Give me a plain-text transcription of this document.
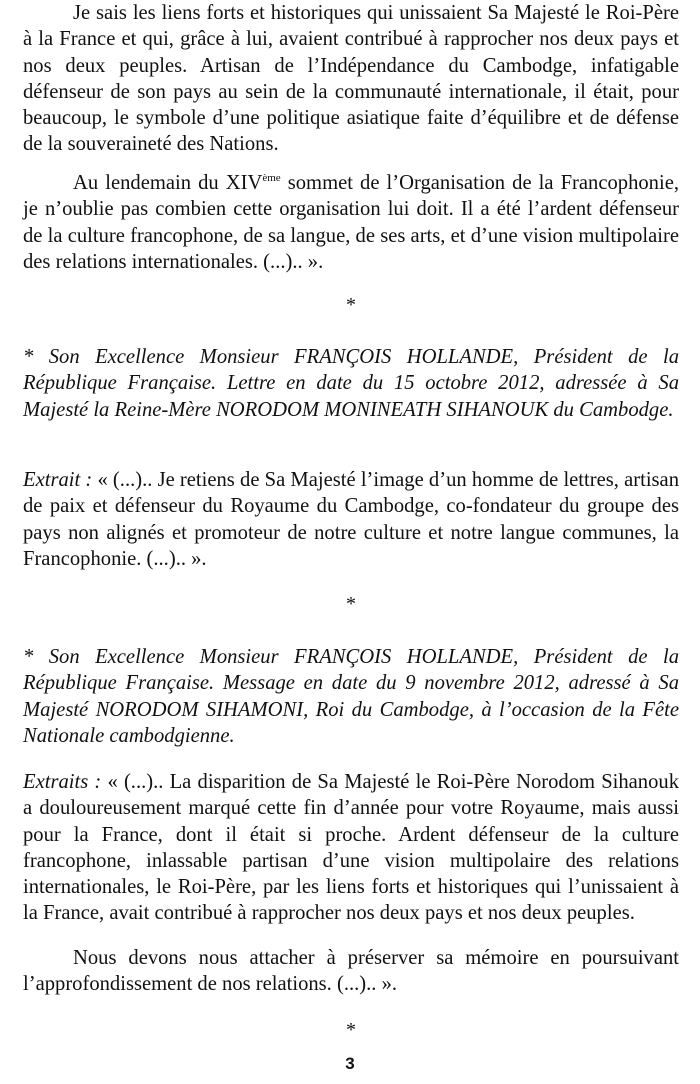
Je sais les liens forts et historiques qui unissaient Sa Majesté le Roi-Père à la France et qui, grâce à lui, avaient contribué à rapprocher nos deux pays et nos deux peuples. Artisan de l’Indépendance du Cambodge, infatigable défenseur de son pays au sein de la communauté internationale, il était, pour beaucoup, le symbole d’une politique asiatique faite d’équilibre et de défense de la souveraineté des Nations.

Au lendemain du XIVème sommet de l’Organisation de la Francophonie, je n’oublie pas combien cette organisation lui doit. Il a été l’ardent défenseur de la culture francophone, de sa langue, de ses arts, et d’une vision multipolaire des relations internationales. (...).. ».

*

* Son Excellence Monsieur FRANÇOIS HOLLANDE, Président de la République Française. Lettre en date du 15 octobre 2012, adressée à Sa Majesté la Reine-Mère NORODOM MONINEATH SIHANOUK du Cambodge.

Extrait : « (...).. Je retiens de Sa Majesté l’image d’un homme de lettres, artisan de paix et défenseur du Royaume du Cambodge, co-fondateur du groupe des pays non alignés et promoteur de notre culture et notre langue communes, la Francophonie. (...).. ».

*

* Son Excellence Monsieur FRANÇOIS HOLLANDE, Président de la République Française. Message en date du 9 novembre 2012, adressé à Sa Majesté NORODOM SIHAMONI, Roi du Cambodge, à l’occasion de la Fête Nationale cambodgienne.

Extraits : « (...).. La disparition de Sa Majesté le Roi-Père Norodom Sihanouk a douloureusement marqué cette fin d’année pour votre Royaume, mais aussi pour la France, dont il était si proche. Ardent défenseur de la culture francophone, inlassable partisan d’une vision multipolaire des relations internationales, le Roi-Père, par les liens forts et historiques qui l’unissaient à la France, avait contribué à rapprocher nos deux pays et nos deux peuples.

Nous devons nous attacher à préserver sa mémoire en poursuivant l’approfondissement de nos relations. (...).. ».

*
3
